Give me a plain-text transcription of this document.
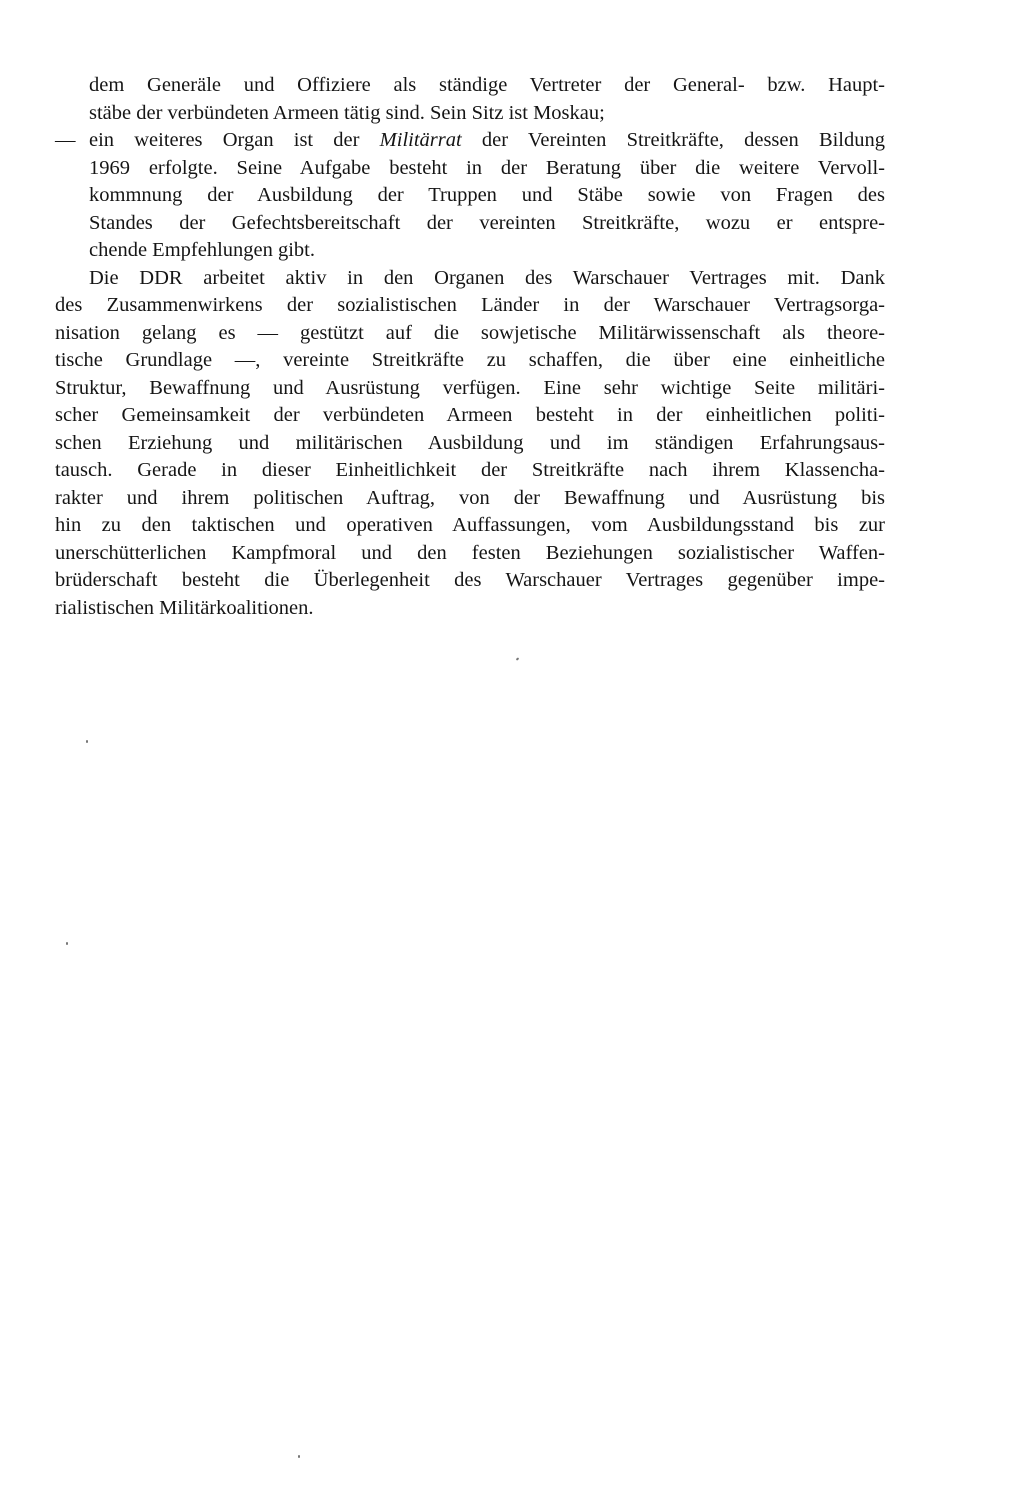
dem Generäle und Offiziere als ständige Vertreter der General- bzw. Haupt-
stäbe der verbündeten Armeen tätig sind. Sein Sitz ist Moskau;
— ein weiteres Organ ist der Militärrat der Vereinten Streitkräfte, dessen Bildung
1969 erfolgte. Seine Aufgabe besteht in der Beratung über die weitere Vervoll-
kommnung der Ausbildung der Truppen und Stäbe sowie von Fragen des
Standes der Gefechtsbereitschaft der vereinten Streitkräfte, wozu er entspre-
chende Empfehlungen gibt.
Die DDR arbeitet aktiv in den Organen des Warschauer Vertrages mit. Dank
des Zusammenwirkens der sozialistischen Länder in der Warschauer Vertragsorga-
nisation gelang es — gestützt auf die sowjetische Militärwissenschaft als theore-
tische Grundlage —, vereinte Streitkräfte zu schaffen, die über eine einheitliche
Struktur, Bewaffnung und Ausrüstung verfügen. Eine sehr wichtige Seite militäri-
scher Gemeinsamkeit der verbündeten Armeen besteht in der einheitlichen politi-
schen Erziehung und militärischen Ausbildung und im ständigen Erfahrungsaus-
tausch. Gerade in dieser Einheitlichkeit der Streitkräfte nach ihrem Klassencha-
rakter und ihrem politischen Auftrag, von der Bewaffnung und Ausrüstung bis
hin zu den taktischen und operativen Auffassungen, vom Ausbildungsstand bis zur
unerschütterlichen Kampfmoral und den festen Beziehungen sozialistischer Waffen-
brüderschaft besteht die Überlegenheit des Warschauer Vertrages gegenüber impe-
rialistischen Militärkoalitionen.
